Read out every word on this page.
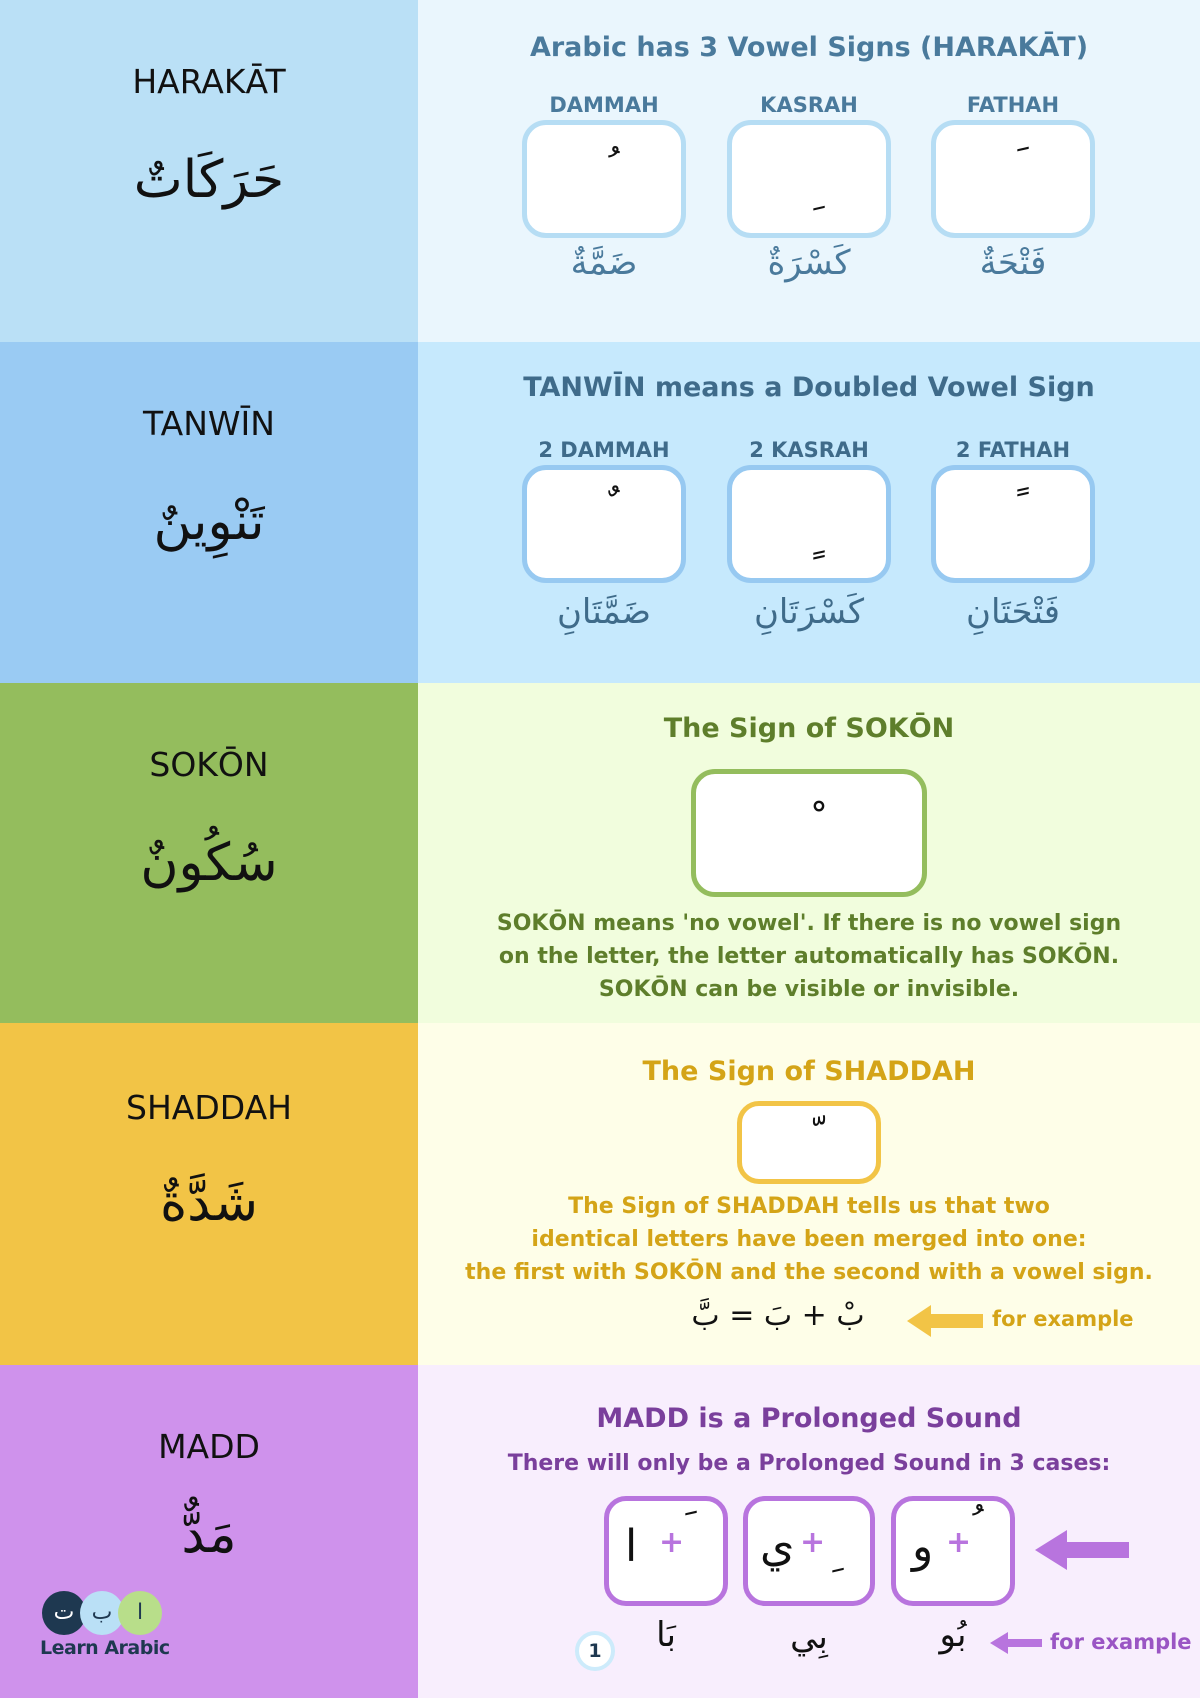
HARAKĀT
حَرَكَاتٌ
Arabic has 3 Vowel Signs (HARAKĀT)
DAMMAH
ضَمَّةٌ
KASRAH
كَسْرَةٌ
FATHAH
فَتْحَةٌ
TANWĪN
تَنْوِينٌ
TANWĪN means a Doubled Vowel Sign
2 DAMMAH
ضَمَّتَانِ
2 KASRAH
كَسْرَتَانِ
2 FATHAH
فَتْحَتَانِ
SOKŌN
سُكُونٌ
The Sign of SOKŌN
SOKŌN means 'no vowel'. If there is no vowel sign
on the letter, the letter automatically has SOKŌN.
SOKŌN can be visible or invisible.
SHADDAH
شَدَّةٌ
The Sign of SHADDAH
The Sign of SHADDAH tells us that two
identical letters have been merged into one:
the first with SOKŌN and the second with a vowel sign.
بْ + بَ = بَّ	for example
MADD
مَدٌّ
ت ب	ا
Learn Arabic
MADD is a Prolonged Sound
There will only be a Prolonged Sound in 3 cases:
ا + ي + و +
1	بَا	بِي	بُو	for example
